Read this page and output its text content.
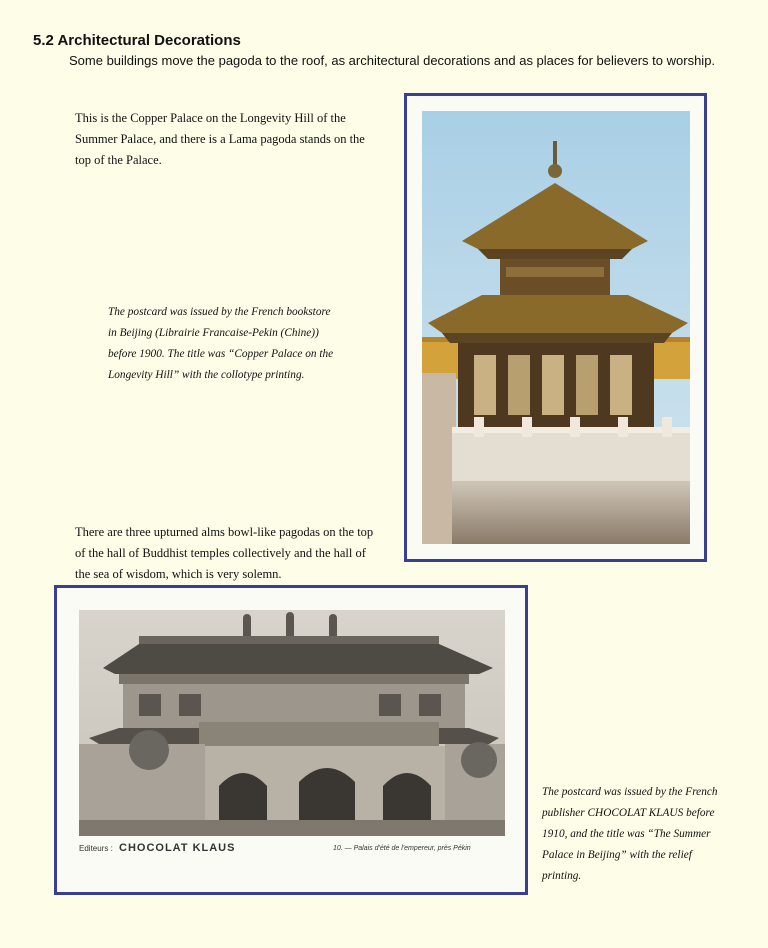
5.2 Architectural Decorations
Some buildings move the pagoda to the roof, as architectural decorations and as places for believers to worship.
This is the Copper Palace on the Longevity Hill of the Summer Palace, and there is a Lama pagoda stands on the top of the Palace.
The postcard was issued by the French bookstore in Beijing (Librairie Francaise-Pekin (Chine)) before 1900. The title was “Copper Palace on the Longevity Hill” with the collotype printing.
There are three upturned alms bowl-like pagodas on the top of the hall of Buddhist temples collectively and the hall of the sea of wisdom, which is very solemn.
Editeurs : CHOCOLAT KLAUS	10. — Palais d'été de l'empereur, près Pékin
The postcard was issued by the French publisher CHOCOLAT KLAUS before 1910, and the title was “The Summer Palace in Beijing” with the relief printing.
